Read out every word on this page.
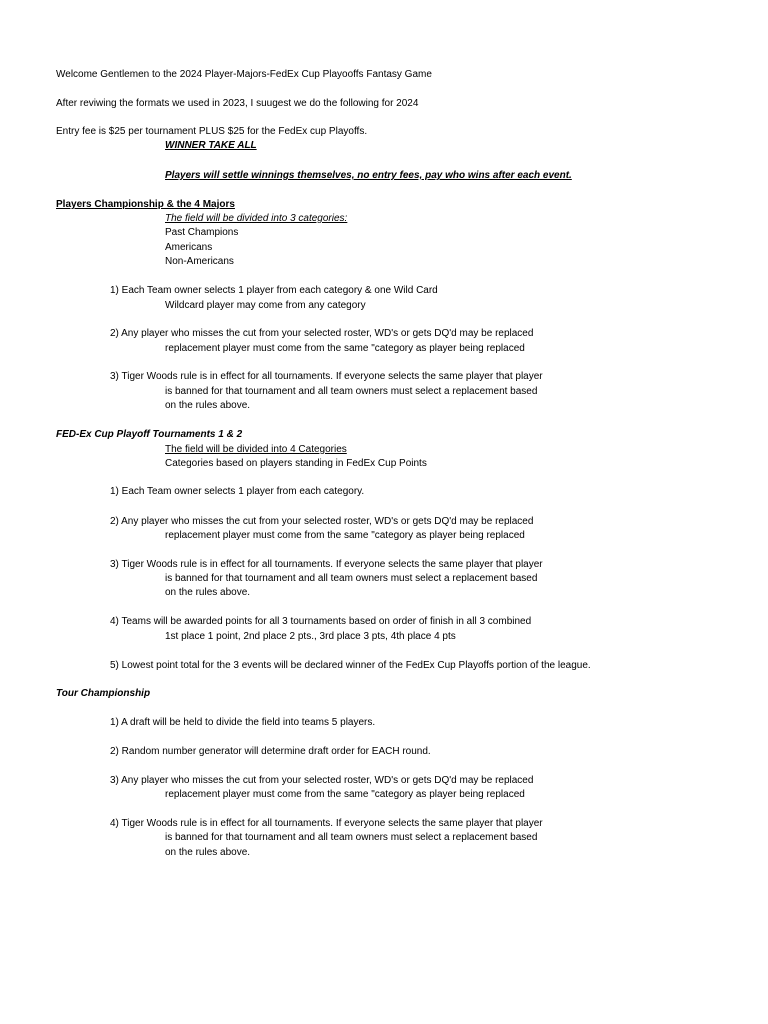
Welcome Gentlemen to the 2024 Player-Majors-FedEx Cup Playooffs Fantasy Game
After reviwing the formats we used in 2023, I suugest we do the following for 2024
Entry fee is $25 per tournament PLUS $25 for the FedEx cup Playoffs.
WINNER TAKE ALL
Players will settle winnings themselves, no entry fees, pay who wins after each event.
Players Championship & the 4 Majors
The field will be divided into 3 categories:
Past Champions
Americans
Non-Americans
1) Each Team owner selects 1 player from each category & one Wild Card
Wildcard player may come from any category
2) Any player who misses the cut from your selected roster, WD's or gets DQ'd may be replaced
replacement player must come from the same "category as player being replaced
3) Tiger Woods rule is in effect for all tournaments. If everyone selects the same player that player
is banned for that tournament and all team owners must select a replacement based
on the rules above.
FED-Ex Cup Playoff Tournaments 1 & 2
The field will be divided into 4 Categories
Categories based on players standing in FedEx Cup Points
1) Each Team owner selects 1 player from each category.
2) Any player who misses the cut from your selected roster, WD's or gets DQ'd may be replaced
replacement player must come from the same "category as player being replaced
3) Tiger Woods rule is in effect for all tournaments. If everyone selects the same player that player
is banned for that tournament and all team owners must select a replacement based
on the rules above.
4) Teams will be awarded points for all 3 tournaments based on order of finish in all 3 combined
1st place 1 point, 2nd place 2 pts., 3rd place 3 pts, 4th place 4 pts
5) Lowest point total for the 3 events will be declared winner of the FedEx Cup Playoffs portion of the league.
Tour Championship
1) A draft will be held to divide the field into teams 5 players.
2) Random number generator will determine draft order for EACH round.
3) Any player who misses the cut from your selected roster, WD's or gets DQ'd may be replaced
replacement player must come from the same "category as player being replaced
4) Tiger Woods rule is in effect for all tournaments. If everyone selects the same player that player
is banned for that tournament and all team owners must select a replacement based
on the rules above.
